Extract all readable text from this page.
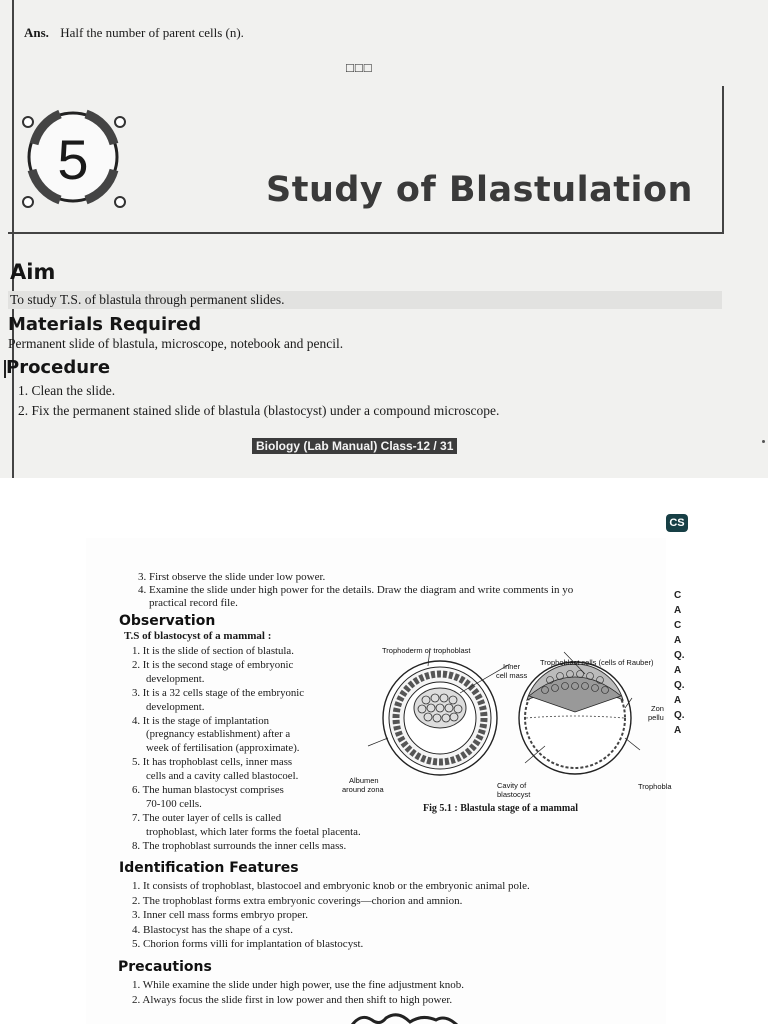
Ans. Half the number of parent cells (n).
□□□
5	Study of Blastulation
Aim
To study T.S. of blastula through permanent slides.
Materials Required
Permanent slide of blastula, microscope, notebook and pencil.
Procedure
1. Clean the slide.
2. Fix the permanent stained slide of blastula (blastocyst) under a compound microscope.
Biology (Lab Manual) Class-12 / 31
CS
3. First observe the slide under low power.
4. Examine the slide under high power for the details. Draw the diagram and write comments in yo
practical record file.
Observation
T.S of blastocyst of a mammal :
1. It is the slide of section of blastula.
2. It is the second stage of embryonic
development.
3. It is a 32 cells stage of the embryonic
development.
4. It is the stage of implantation
(pregnancy establishment) after a
week of fertilisation (approximate).
5. It has trophoblast cells, inner mass
cells and a cavity called blastocoel.
6. The human blastocyst comprises
70-100 cells.
7. The outer layer of cells is called
trophoblast, which later forms the foetal placenta.
8. The trophoblast surrounds the inner cells mass.
Trophoderm or trophoblast
Inner
cell mass
Trophoblast cells (cells of Rauber)
Zon
pellu
Albumen
around zona	Cavity of
blastocyst
Trophobla
Fig 5.1 : Blastula stage of a mammal
Identification Features
1. It consists of trophoblast, blastocoel and embryonic knob or the embryonic animal pole.
2. The trophoblast forms extra embryonic coverings—chorion and amnion.
3. Inner cell mass forms embryo proper.
4. Blastocyst has the shape of a cyst.
5. Chorion forms villi for implantation of blastocyst.
Precautions
1. While examine the slide under high power, use the fine adjustment knob.
2. Always focus the slide first in low power and then shift to high power.
C
A
C
A
Q.
A
Q.
A
Q.
A
